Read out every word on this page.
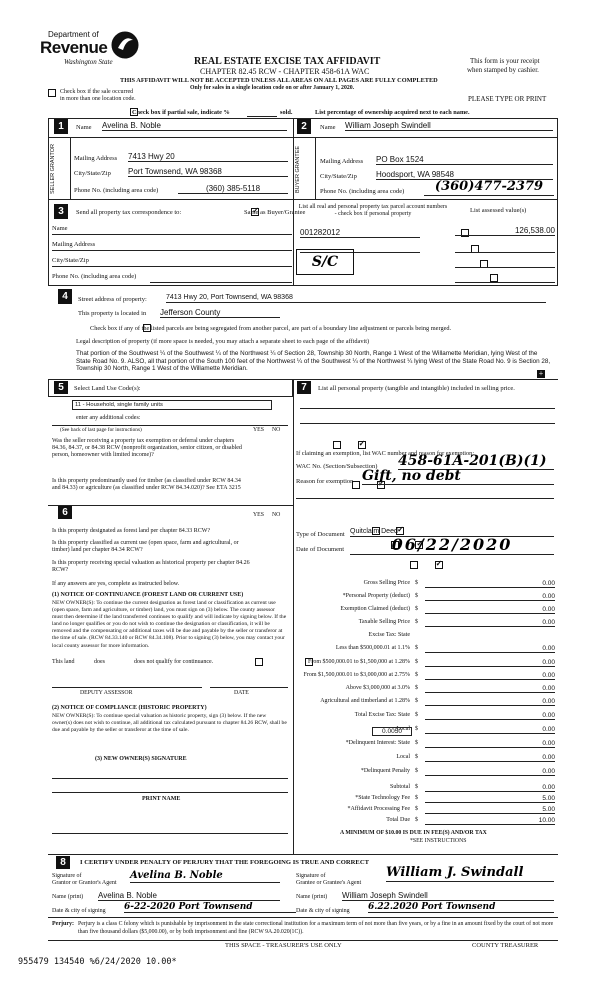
Department of
Revenue
Washington State	REAL ESTATE EXCISE TAX AFFIDAVIT
CHAPTER 82.45 RCW - CHAPTER 458-61A WAC
THIS AFFIDAVIT WILL NOT BE ACCEPTED UNLESS ALL AREAS ON ALL PAGES ARE FULLY COMPLETED
Only for sales in a single location code on or after January 1, 2020.
This form is your receipt
when stamped by cashier.
PLEASE TYPE OR PRINT

Check box if the sale occurred
in more than one location code.

Check box if partial sale, indicate %	sold.	List percentage of ownership acquired next to each name.
1	Name Avelina B. Noble
SELLER GRANTOR	Mailing Address 7413 Hwy 20
City/State/Zip Port Townsend, WA 98368
Phone No. (including area code)	(360) 385-5118
2	Name William Joseph Swindell
BUYER GRANTEE	Mailing Address PO Box 1524
City/State/Zip Hoodsport, WA 98548
Phone No. (including area code)	(360)477-2379
3	Send all property tax correspondence to: ✓	Same as Buyer/Grantee
Name
Mailing Address
City/State/Zip
Phone No. (including area code)
List all real and personal property tax parcel account numbers - check box if personal property	List assessed value(s)
001282012
	126,538.00

S/C
4	Street address of property:	7413 Hwy 20, Port Townsend, WA 98368
This property is located in Jefferson County

Check box if any of the listed parcels are being segregated from another parcel, are part of a boundary line adjustment or parcels being merged.
Legal description of property (if more space is needed, you may attach a separate sheet to each page of the affidavit)
That portion of the Southwest ¼ of the Southwest ¼ of the Northwest ¼ of Section 28, Township 30 North, Range 1 West of the Willamette Meridian, lying West of the State Road No. 9. ALSO, all that portion of the South 100 feet of the Northwest ¼ of the Southwest ¼ of the Northwest ¼ lying West of the State Road No. 9 is Section 28, Township 30 North, Range 1 West of the Willamette Meridian.
+
5	Select Land Use Code(s):	7	List all personal property (tangible and intangible) included in selling price.
11 - Household, single family units
enter any additional codes:
(See back of last page for instructions)	YES NO
Was the seller receiving a property tax exemption or deferral under chapters 84.36, 84.37, or 84.38 RCW (nonprofit organization, senior citizen, or disabled person, homeowner with limited income)?
✓
Is this property predominantly used for timber (as classified under RCW 84.34 and 84.33) or agriculture (as classified under RCW 84.34.020)? See ETA 3215
✓
If claiming an exemption, list WAC number and reason for exemption:
WAC No. (Section/Subsection) 458-61A-201(B)(1)
Reason for exemption Gift, no debt
6	YES NO
Is this property designated as forest land per chapter 84.33 RCW?
✓
Is this property classified as current use (open space, farm and agricultural, or timber) land per chapter 84.34 RCW?
✓
Is this property receiving special valuation as historical property per chapter 84.26 RCW?
✓
If any answers are yes, complete as instructed below.
(1) NOTICE OF CONTINUANCE (FOREST LAND OR CURRENT USE)
NEW OWNER(S): To continue the current designation as forest land or classification as current use (open space, farm and agriculture, or timber) land, you must sign on (3) below. The county assessor must then determine if the land transferred continues to qualify and will indicate by signing below. If the land no longer qualifies or you do not wish to continue the designation or classification, it will be removed and the compensating or additional taxes will be due and payable by the seller or transferor at the time of sale. (RCW 84.33.140 or RCW 84.34.108). Prior to signing (3) below, you may contact your local county assessor for more information.
This land
	does	does not qualify for continuance.
DEPUTY ASSESSOR	DATE
(2) NOTICE OF COMPLIANCE (HISTORIC PROPERTY)
NEW OWNER(S): To continue special valuation as historic property, sign (3) below. If the new owner(s) does not wish to continue, all additional tax calculated pursuant to chapter 84.26 RCW, shall be due and payable by the seller or transferor at the time of sale.
(3) NEW OWNER(S) SIGNATURE
PRINT NAME
Type of Document Quitclaim Deed
Date of Document	06/22/2020
Gross Selling Price $	0.00
*Personal Property (deduct) $	0.00
Exemption Claimed (deduct) $	0.00
Taxable Selling Price $	0.00
Excise Tax: State
Less than $500,000.01 at 1.1% $	0.00
From $500,000.01 to $1,500,000 at 1.28% $	0.00
From $1,500,000.01 to $3,000,000 at 2.75% $	0.00
Above $3,000,000 at 3.0% $	0.00
Agricultural and timberland at 1.28% $	0.00
Total Excise Tax: State $	0.00
Local $	0.00
*Delinquent Interest: State $	0.00
Local $	0.00
*Delinquent Penalty $	0.00
Subtotal $	0.00
*State Technology Fee $	5.00
*Affidavit Processing Fee $	5.00
Total Due $	10.00
0.0050
A MINIMUM OF $10.00 IS DUE IN FEE(S) AND/OR TAX
*SEE INSTRUCTIONS
8	I CERTIFY UNDER PENALTY OF PERJURY THAT THE FOREGOING IS TRUE AND CORRECT
Signature of
Grantor or Grantor's Agent
Avelina B. Noble
Name (print) Avelina B. Noble
Date & city of signing 6-22-2020 Port Townsend
Signature of
Grantee or Grantee's Agent
William J. Swindall
Name (print) William Joseph Swindell
Date & city of signing 6.22.2020 Port Townsend
Perjury: Perjury is a class C felony which is punishable by imprisonment in the state correctional institution for a maximum term of not more than five years, or by a fine in an amount fixed by the court of not more than five thousand dollars ($5,000.00), or by both imprisonment and fine (RCW 9A.20.020(1C)).
THIS SPACE - TREASURER'S USE ONLY	COUNTY TREASURER
955479 134540 %6/24/2020 10.00*
